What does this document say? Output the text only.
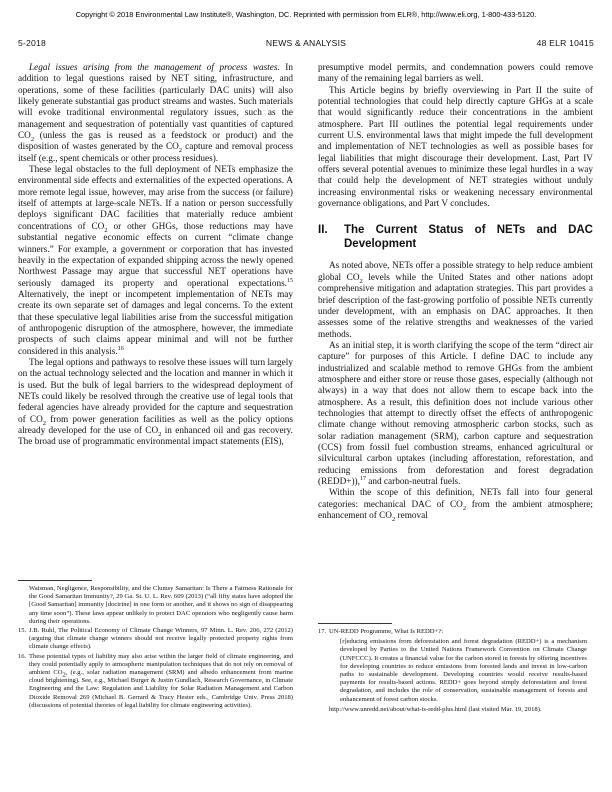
Copyright © 2018 Environmental Law Institute®, Washington, DC. Reprinted with permission from ELR®, http://www.eli.org, 1-800-433-5120.
5-2018	NEWS & ANALYSIS	48 ELR 10415

Legal issues arising from the management of process wastes. In addition to legal questions raised by NET siting, infrastructure, and operations, some of these facilities (particularly DAC units) will also likely generate substantial gas product streams and wastes. Such materials will evoke traditional environmental regulatory issues, such as the management and sequestration of potentially vast quantities of captured $CO_2$ (unless the gas is reused as a feedstock or product) and the disposition of wastes generated by the $CO_2$ capture and removal process itself (e.g., spent chemicals or other process residues).

These legal obstacles to the full deployment of NETs emphasize the environmental side effects and externalities of the expected operations. A more remote legal issue, however, may arise from the success (or failure) itself of attempts at large-scale NETs. If a nation or person successfully deploys significant DAC facilities that materially reduce ambient concentrations of $CO_2$ or other GHGs, those reductions may have substantial negative economic effects on current “climate change winners.” For example, a government or corporation that has invested heavily in the expectation of expanded shipping across the newly opened Northwest Passage may argue that successful NET operations have seriously damaged its property and operational expectations.$^{15}$ Alternatively, the inept or incompetent implementation of NETs may create its own separate set of damages and legal concerns. To the extent that these speculative legal liabilities arise from the successful mitigation of anthropogenic disruption of the atmosphere, however, the immediate prospects of such claims appear minimal and will not be further considered in this analysis.$^{16}$

The legal options and pathways to resolve these issues will turn largely on the actual technology selected and the location and manner in which it is used. But the bulk of legal barriers to the widespread deployment of NETs could likely be resolved through the creative use of legal tools that federal agencies have already provided for the capture and sequestration of $CO_2$ from power generation facilities as well as the policy options already developed for the use of $CO_2$ in enhanced oil and gas recovery. The broad use of programmatic environmental impact statements (EIS),

presumptive model permits, and condemnation powers could remove many of the remaining legal barriers as well.

This Article begins by briefly overviewing in Part II the suite of potential technologies that could help directly capture GHGs at a scale that would significantly reduce their concentrations in the ambient atmosphere. Part III outlines the potential legal requirements under current U.S. environmental laws that might impede the full development and implementation of NET technologies as well as possible bases for legal liabilities that might discourage their development. Last, Part IV offers several potential avenues to minimize these legal hurdles in a way that could help the development of NET strategies without unduly increasing environmental risks or weakening necessary environmental governance obligations, and Part V concludes.

II.	The Current Status of NETs and DAC Development

As noted above, NETs offer a possible strategy to help reduce ambient global $CO_2$ levels while the United States and other nations adopt comprehensive mitigation and adaptation strategies. This part provides a brief description of the fast-growing portfolio of possible NETs currently under development, with an emphasis on DAC approaches. It then assesses some of the relative strengths and weaknesses of the varied methods.

As an initial step, it is worth clarifying the scope of the term “direct air capture” for purposes of this Article. I define DAC to include any industrialized and scalable method to remove GHGs from the ambient atmosphere and either store or reuse those gases, especially (although not always) in a way that does not allow them to escape back into the atmosphere. As a result, this definition does not include various other technologies that attempt to directly offset the effects of anthropogenic climate change without removing atmospheric carbon stocks, such as solar radiation management (SRM), carbon capture and sequestration (CCS) from fossil fuel combustion streams, enhanced agricultural or silvicultural carbon uptakes (including afforestation, reforestation, and reducing emissions from deforestation and forest degradation (REDD+)),$^{17}$ and carbon-neutral fuels.

Within the scope of this definition, NETs fall into four general categories: mechanical DAC of $CO_2$ from the ambient atmosphere; enhancement of $CO_2$ removal

Waisman, Negligence, Responsibility, and the Clumsy Samaritan: Is There a Fairness Rationale for the Good Samaritan Immunity?, 29 Ga. St. U. L. Rev. 609 (2013) (“all fifty states have adopted the [Good Samaritan] immunity [doctrine] in one form or another, and it shows no sign of disappearing any time soon”). These laws appear unlikely to protect DAC operators who negligently cause harm during their operations.
15. J.B. Ruhl, The Political Economy of Climate Change Winners, 97 Minn. L. Rev. 206, 272 (2012) (arguing that climate change winners should not receive legally protected property rights from climate change effects).
16. These potential types of liability may also arise within the larger field of climate engineering, and they could potentially apply to atmospheric manipulation techniques that do not rely on removal of ambient $CO_2$, (e.g., solar radiation management (SRM) and albedo enhancement from marine cloud brightening). See, e.g., Michael Burger & Justin Gundlach, Research Governance, in Climate Engineering and the Law: Regulation and Liability for Solar Radiation Management and Carbon Dioxide Removal 269 (Michael B. Gerrard & Tracy Hester eds., Cambridge Univ. Press 2018) (discussions of potential theories of legal liability for climate engineering activities).
17. UN-REDD Programme, What Is REDD+?:
[r]educing emissions from deforestation and forest degradation (REDD+) is a mechanism developed by Parties to the United Nations Framework Convention on Climate Change (UNFCCC). It creates a financial value for the carbon stored in forests by offering incentives for developing countries to reduce emissions from forested lands and invest in low-carbon paths to sustainable development. Developing countries would receive results-based payments for results-based actions. REDD+ goes beyond simply deforestation and forest degradation, and includes the role of conservation, sustainable management of forests and enhancement of forest carbon stocks.
http://www.unredd.net/about/what-is-redd-plus.html (last visited Mar. 19, 2018).
